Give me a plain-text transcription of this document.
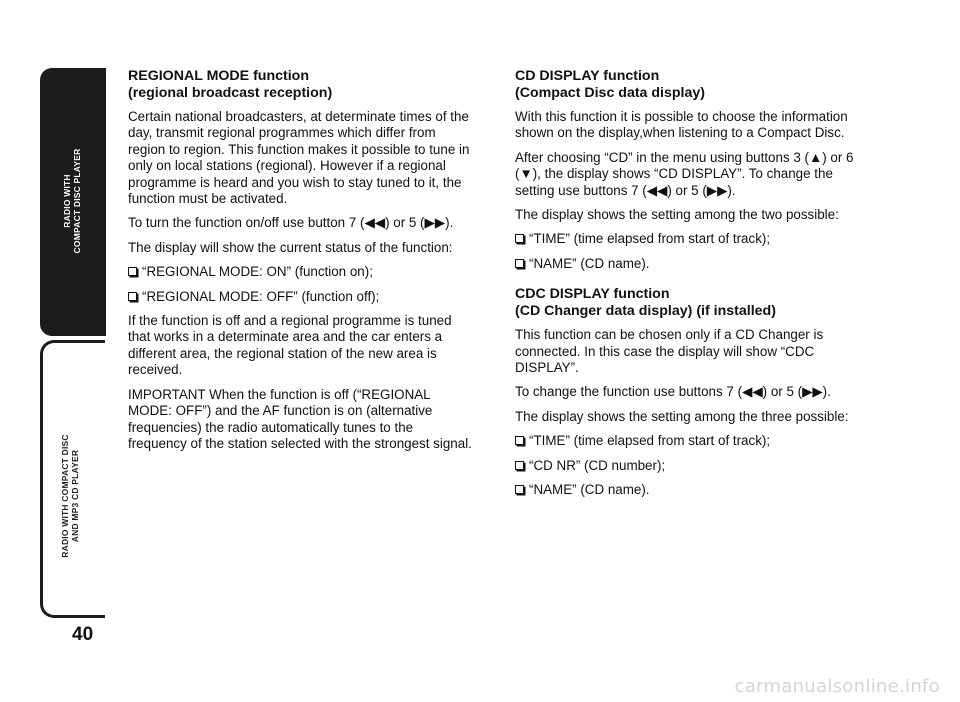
RADIO WITH COMPACT DISC PLAYER
RADIO WITH COMPACT DISC AND MP3 CD PLAYER
40
REGIONAL MODE function
(regional broadcast reception)

Certain national broadcasters, at determinate times of the day, transmit regional programmes which differ from region to region. This function makes it possible to tune in only on local stations (regional). However if a regional programme is heard and you wish to stay tuned to it, the function must be activated.

To turn the function on/off use button 7 (◀◀) or 5 (▶▶).

The display will show the current status of the function:

“REGIONAL MODE: ON” (function on);
“REGIONAL MODE: OFF” (function off);

If the function is off and a regional programme is tuned that works in a determinate area and the car enters a different area, the regional station of the new area is received.

IMPORTANT When the function is off (“REGIONAL MODE: OFF”) and the AF function is on (alternative frequencies) the radio automatically tunes to the frequency of the station selected with the strongest signal.

CD DISPLAY function
(Compact Disc data display)

With this function it is possible to choose the information shown on the display,when listening to a Compact Disc.

After choosing “CD” in the menu using buttons 3 (▲) or 6 (▼), the display shows “CD DISPLAY”. To change the setting use buttons 7 (◀◀) or 5 (▶▶).

The display shows the setting among the two possible:

“TIME” (time elapsed from start of track);
“NAME” (CD name).
CDC DISPLAY function
(CD Changer data display) (if installed)

This function can be chosen only if a CD Changer is connected. In this case the display will show “CDC DISPLAY”.

To change the function use buttons 7 (◀◀) or 5 (▶▶).

The display shows the setting among the three possible:

“TIME” (time elapsed from start of track);
“CD NR” (CD number);
“NAME” (CD name).
carmanualsonline.info
